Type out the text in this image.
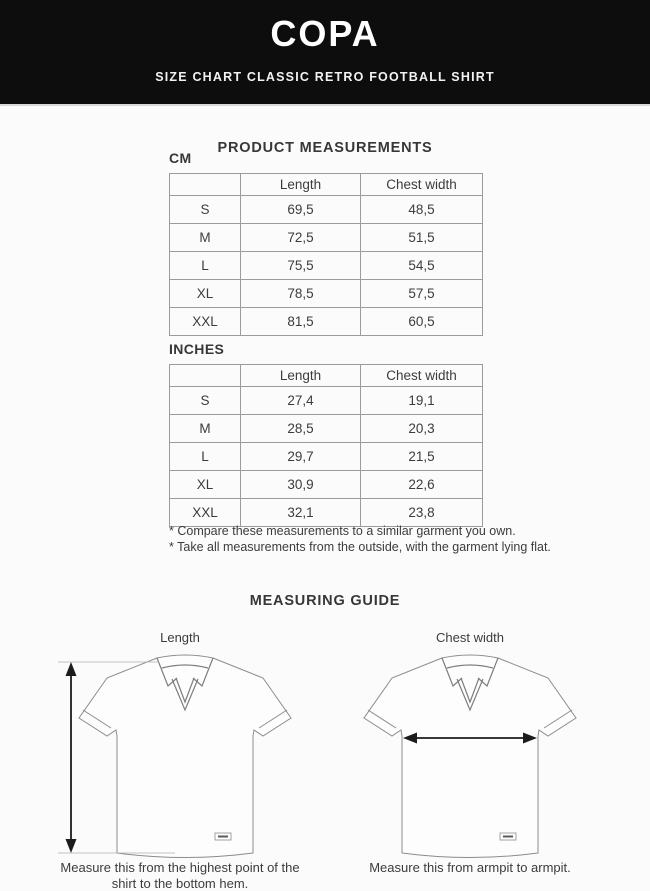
COPA
SIZE CHART CLASSIC RETRO FOOTBALL SHIRT
PRODUCT MEASUREMENTS
CM
	Length	Chest width
S	69,5	48,5
M	72,5	51,5
L	75,5	54,5
XL	78,5	57,5
XXL	81,5	60,5
INCHES
	Length	Chest width
S	27,4	19,1
M	28,5	20,3
L	29,7	21,5
XL	30,9	22,6
XXL	32,1	23,8

* Compare these measurements to a similar garment you own.

* Take all measurements from the outside, with the garment lying flat.

MEASURING GUIDE
Length
Measure this from the highest point of the shirt to the bottom hem.
Chest width
Measure this from armpit to armpit.
